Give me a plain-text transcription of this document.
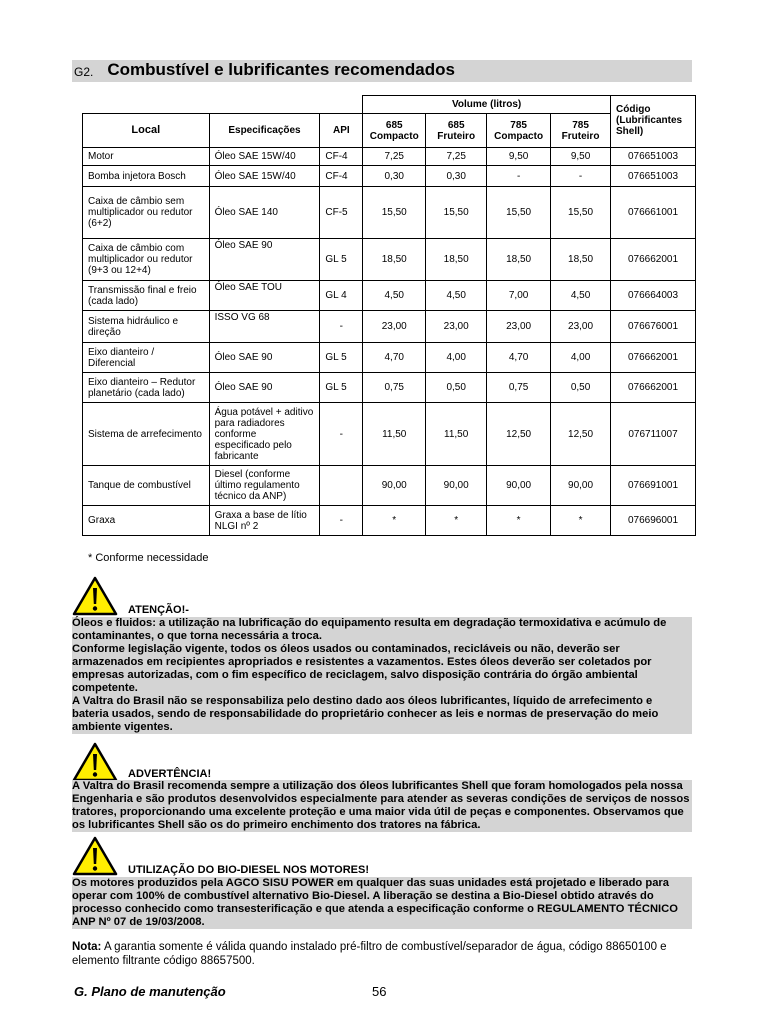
G2. Combustível e lubrificantes recomendados
			Volume (litros)				Código (Lubrificantes Shell)
Local	Especificações	API	685 Compacto	685 Fruteiro	785 Compacto	785 Fruteiro	
Motor	Óleo SAE 15W/40	CF-4	7,25	7,25	9,50	9,50	076651003
Bomba injetora Bosch	Óleo SAE 15W/40	CF-4	0,30	0,30	-	-	076651003
Caixa de câmbio sem multiplicador ou redutor (6+2)	Óleo SAE 140	CF-5	15,50	15,50	15,50	15,50	076661001
Caixa de câmbio com multiplicador ou redutor (9+3 ou 12+4)	Óleo SAE 90	GL 5	18,50	18,50	18,50	18,50	076662001
Transmissão final e freio (cada lado)	Óleo SAE TOU	GL 4	4,50	4,50	7,00	4,50	076664003
Sistema hidráulico e direção	ISSO VG 68	-	23,00	23,00	23,00	23,00	076676001
Eixo dianteiro / Diferencial	Óleo SAE 90	GL 5	4,70	4,00	4,70	4,00	076662001
Eixo dianteiro – Redutor planetário (cada lado)	Óleo SAE 90	GL 5	0,75	0,50	0,75	0,50	076662001
Sistema de arrefecimento	Água potável + aditivo para radiadores conforme especificado pelo fabricante	-	11,50	11,50	12,50	12,50	076711007
Tanque de combustível	Diesel (conforme último regulamento técnico da ANP)		90,00	90,00	90,00	90,00	076691001
Graxa	Graxa a base de lítio NLGI nº 2	-	*	*	*	*	076696001
* Conforme necessidade
ATENÇÃO!-

Óleos e fluidos: a utilização na lubrificação do equipamento resulta em degradação termoxidativa e acúmulo de contaminantes, o que torna necessária a troca.

Conforme legislação vigente, todos os óleos usados ou contaminados, recicláveis ou não, deverão ser armazenados em recipientes apropriados e resistentes a vazamentos. Estes óleos deverão ser coletados por empresas autorizadas, com o fim específico de reciclagem, salvo disposição contrária do órgão ambiental competente.

A Valtra do Brasil não se responsabiliza pelo destino dado aos óleos lubrificantes, líquido de arrefecimento e bateria usados, sendo de responsabilidade do proprietário conhecer as leis e normas de preservação do meio ambiente vigentes.

ADVERTÊNCIA!

A Valtra do Brasil recomenda sempre a utilização dos óleos lubrificantes Shell que foram homologados pela nossa Engenharia e são produtos desenvolvidos especialmente para atender as severas condições de serviços de nossos tratores, proporcionando uma excelente proteção e uma maior vida útil de peças e componentes. Observamos que os lubrificantes Shell são os do primeiro enchimento dos tratores na fábrica.

UTILIZAÇÃO DO BIO-DIESEL NOS MOTORES!

Os motores produzidos pela AGCO SISU POWER em qualquer das suas unidades está projetado e liberado para operar com 100% de combustível alternativo Bio-Diesel. A liberação se destina a Bio-Diesel obtido através do processo conhecido como transesterificação e que atenda a especificação conforme o REGULAMENTO TÉCNICO ANP Nº 07 de 19/03/2008.

Nota: A garantia somente é válida quando instalado pré-filtro de combustível/separador de água, código 88650100 e elemento filtrante código 88657500.
G. Plano de manutenção	56
